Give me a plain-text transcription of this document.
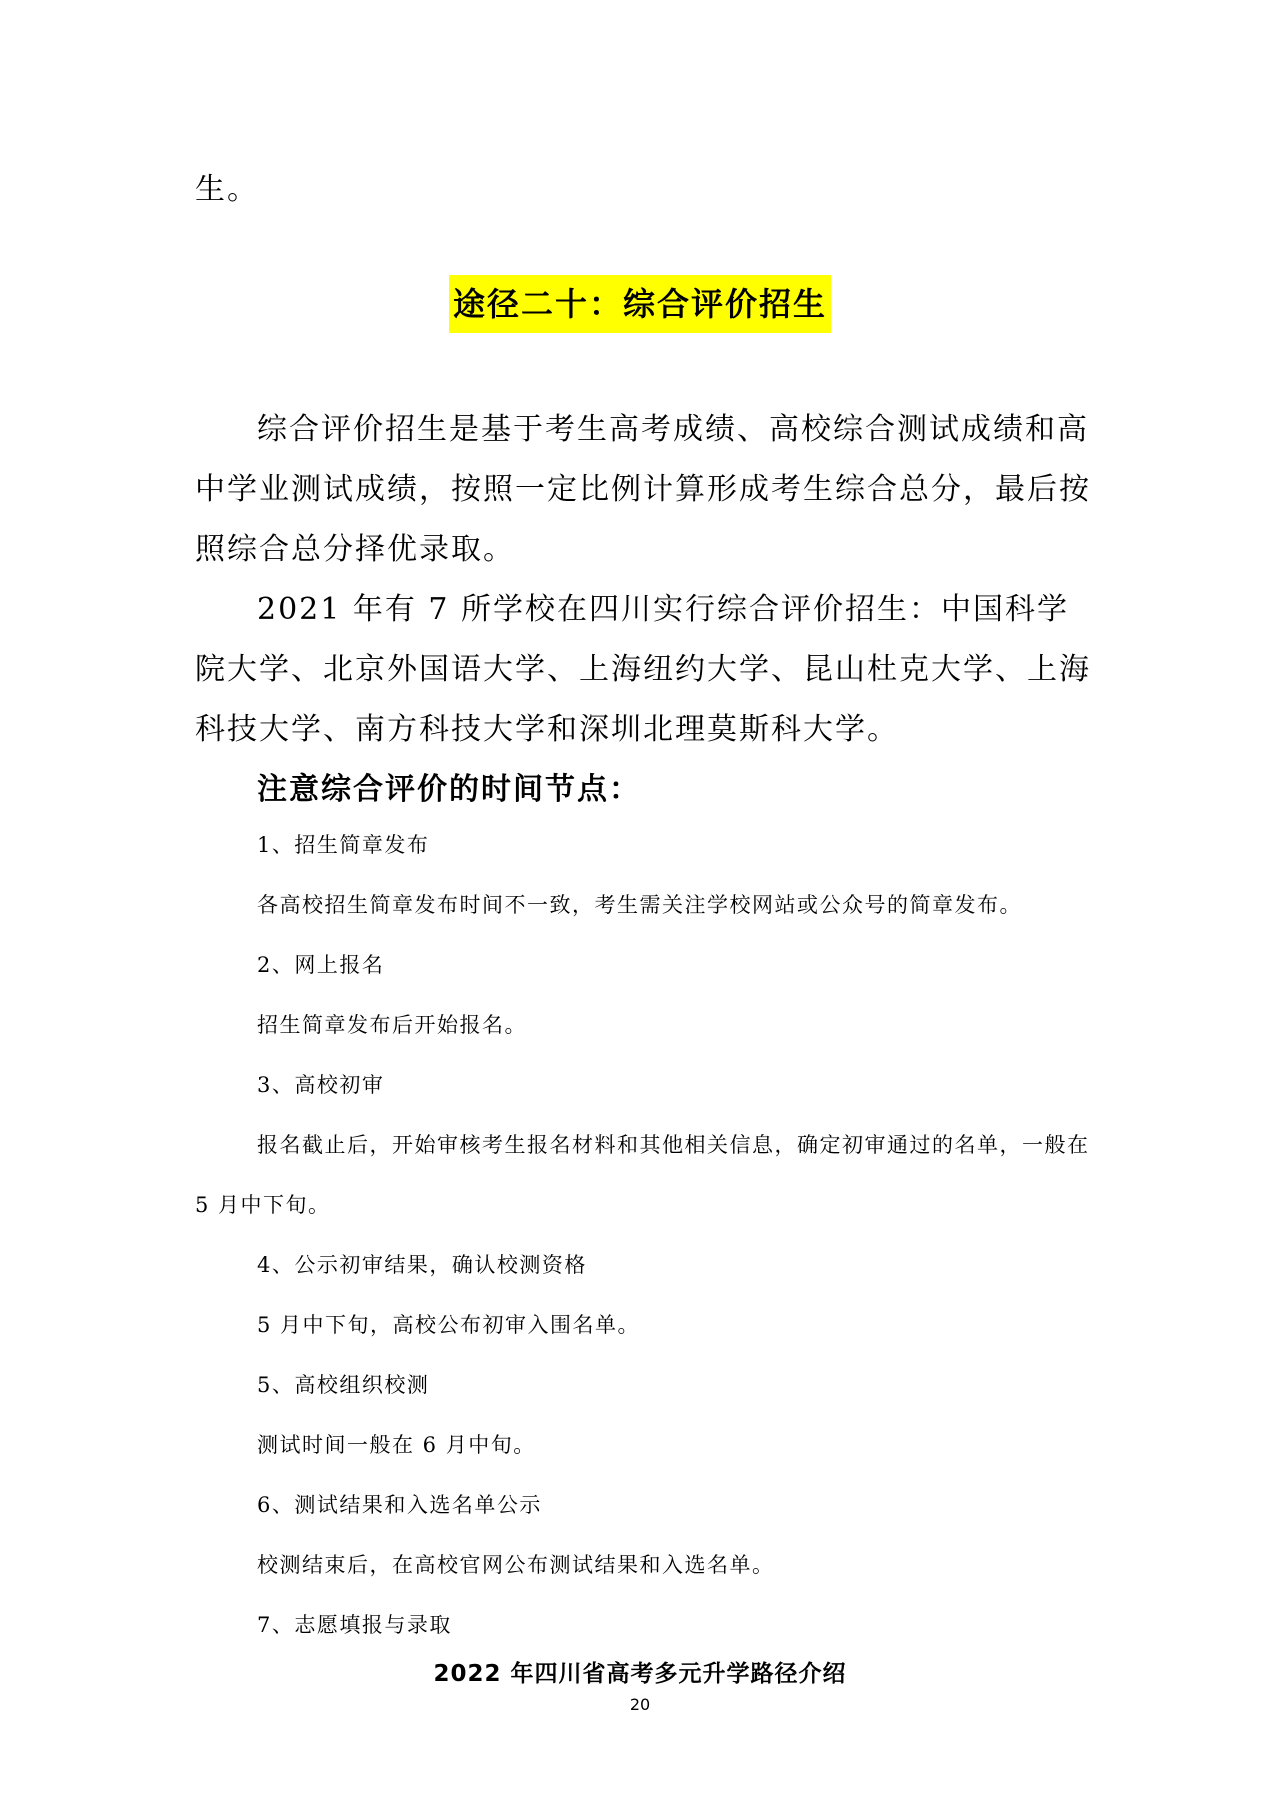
生。
途径二十：综合评价招生
综合评价招生是基于考生高考成绩、高校综合测试成绩和高中学业测试成绩，按照一定比例计算形成考生综合总分，最后按照综合总分择优录取。
2021 年有 7 所学校在四川实行综合评价招生：中国科学院大学、北京外国语大学、上海纽约大学、昆山杜克大学、上海科技大学、南方科技大学和深圳北理莫斯科大学。
注意综合评价的时间节点：
1、招生简章发布
各高校招生简章发布时间不一致，考生需关注学校网站或公众号的简章发布。
2、网上报名
招生简章发布后开始报名。
3、高校初审
报名截止后，开始审核考生报名材料和其他相关信息，确定初审通过的名单，一般在 5 月中下旬。
4、公示初审结果，确认校测资格
5 月中下旬，高校公布初审入围名单。
5、高校组织校测
测试时间一般在 6 月中旬。
6、测试结果和入选名单公示
校测结束后，在高校官网公布测试结果和入选名单。
7、志愿填报与录取
2022 年四川省高考多元升学路径介绍
20
